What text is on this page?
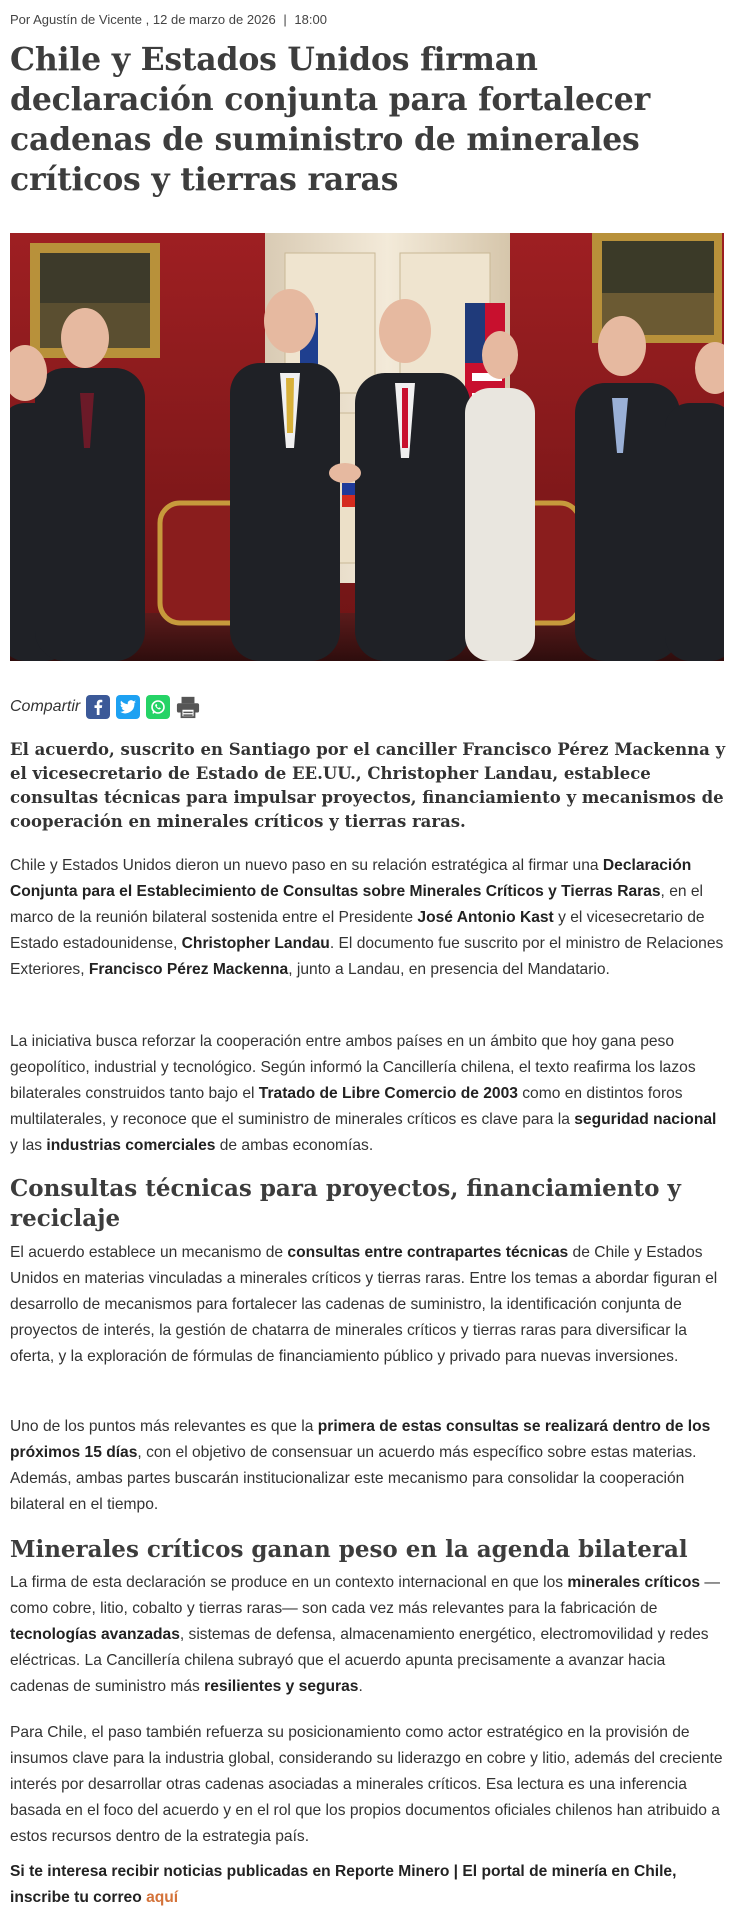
Por Agustín de Vicente , 12 de marzo de 2026 | 18:00
Chile y Estados Unidos firman declaración conjunta para fortalecer cadenas de suministro de minerales críticos y tierras raras
Compartir

El acuerdo, suscrito en Santiago por el canciller Francisco Pérez Mackenna y el vicesecretario de Estado de EE.UU., Christopher Landau, establece consultas técnicas para impulsar proyectos, financiamiento y mecanismos de cooperación en minerales críticos y tierras raras.

Chile y Estados Unidos dieron un nuevo paso en su relación estratégica al firmar una Declaración Conjunta para el Establecimiento de Consultas sobre Minerales Críticos y Tierras Raras, en el marco de la reunión bilateral sostenida entre el Presidente José Antonio Kast y el vicesecretario de Estado estadounidense, Christopher Landau. El documento fue suscrito por el ministro de Relaciones Exteriores, Francisco Pérez Mackenna, junto a Landau, en presencia del Mandatario.

La iniciativa busca reforzar la cooperación entre ambos países en un ámbito que hoy gana peso geopolítico, industrial y tecnológico. Según informó la Cancillería chilena, el texto reafirma los lazos bilaterales construidos tanto bajo el Tratado de Libre Comercio de 2003 como en distintos foros multilaterales, y reconoce que el suministro de minerales críticos es clave para la seguridad nacional y las industrias comerciales de ambas economías.

Consultas técnicas para proyectos, financiamiento y reciclaje

El acuerdo establece un mecanismo de consultas entre contrapartes técnicas de Chile y Estados Unidos en materias vinculadas a minerales críticos y tierras raras. Entre los temas a abordar figuran el desarrollo de mecanismos para fortalecer las cadenas de suministro, la identificación conjunta de proyectos de interés, la gestión de chatarra de minerales críticos y tierras raras para diversificar la oferta, y la exploración de fórmulas de financiamiento público y privado para nuevas inversiones.

Uno de los puntos más relevantes es que la primera de estas consultas se realizará dentro de los próximos 15 días, con el objetivo de consensuar un acuerdo más específico sobre estas materias. Además, ambas partes buscarán institucionalizar este mecanismo para consolidar la cooperación bilateral en el tiempo.

Minerales críticos ganan peso en la agenda bilateral

La firma de esta declaración se produce en un contexto internacional en que los minerales críticos —como cobre, litio, cobalto y tierras raras— son cada vez más relevantes para la fabricación de tecnologías avanzadas, sistemas de defensa, almacenamiento energético, electromovilidad y redes eléctricas. La Cancillería chilena subrayó que el acuerdo apunta precisamente a avanzar hacia cadenas de suministro más resilientes y seguras.

Para Chile, el paso también refuerza su posicionamiento como actor estratégico en la provisión de insumos clave para la industria global, considerando su liderazgo en cobre y litio, además del creciente interés por desarrollar otras cadenas asociadas a minerales críticos. Esa lectura es una inferencia basada en el foco del acuerdo y en el rol que los propios documentos oficiales chilenos han atribuido a estos recursos dentro de la estrategia país.

Si te interesa recibir noticias publicadas en Reporte Minero | El portal de minería en Chile, inscribe tu correo aquí
